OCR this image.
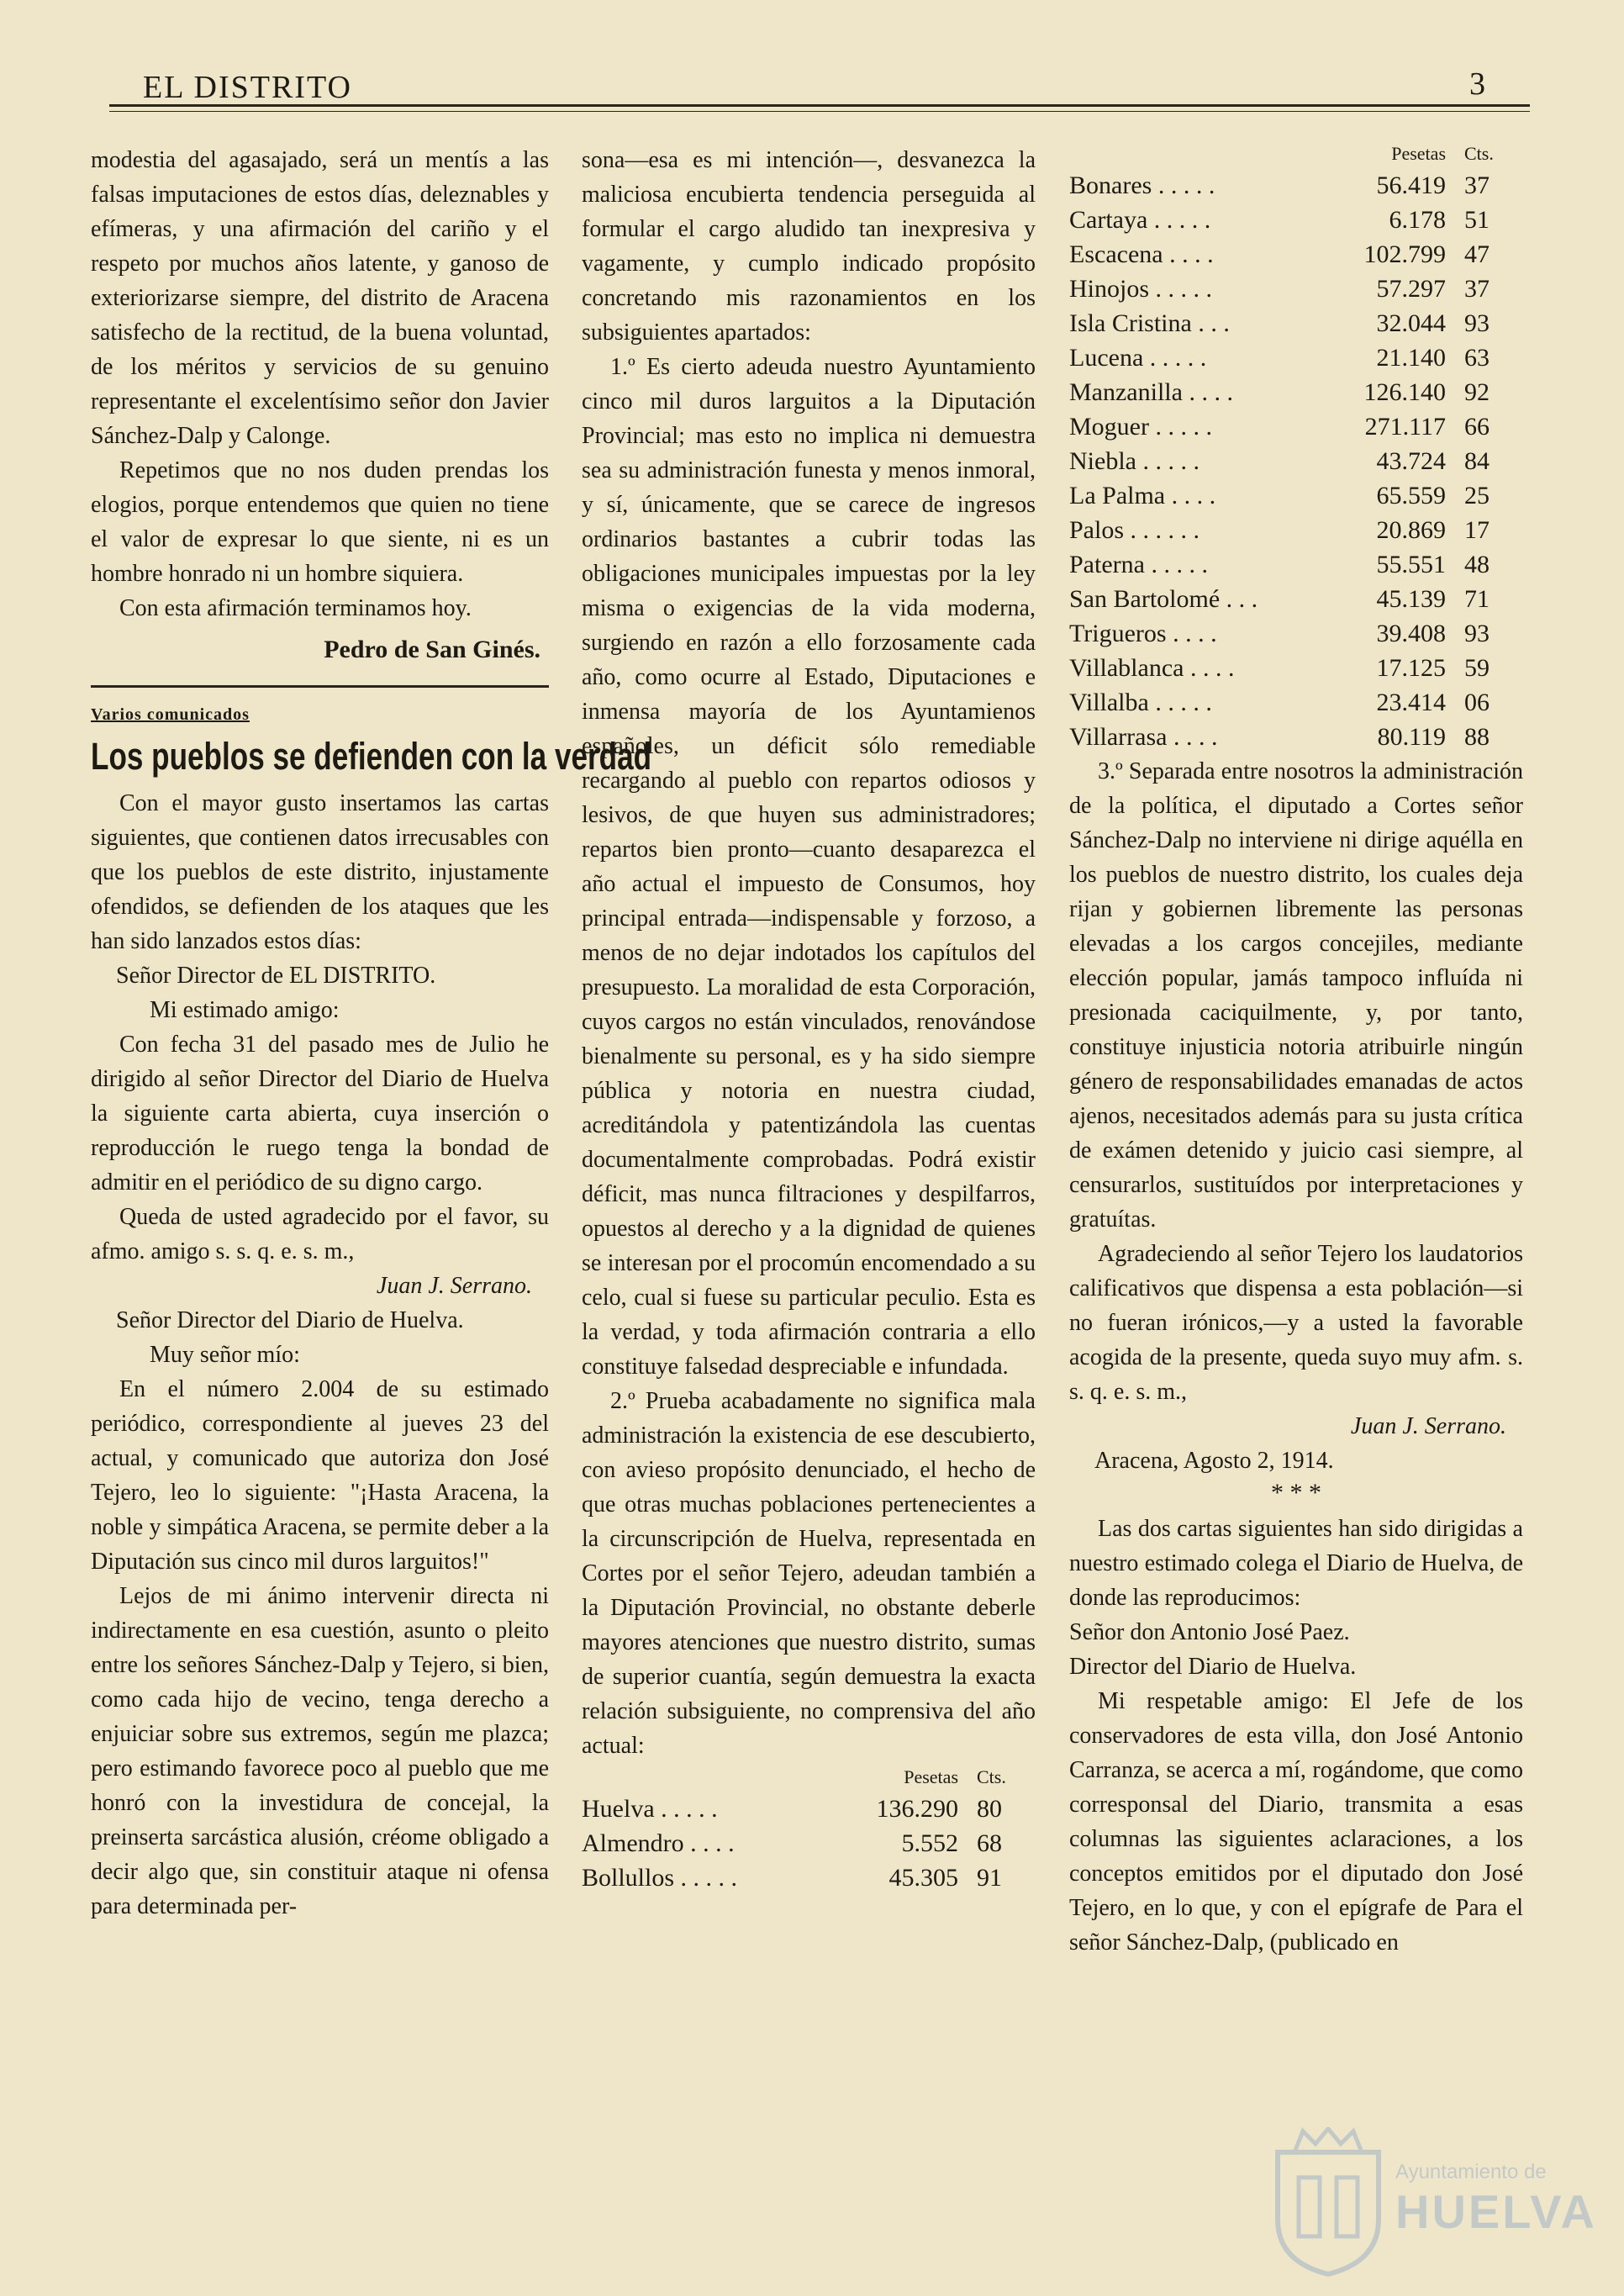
EL DISTRITO	3

modestia del agasajado, será un mentís a las falsas imputaciones de estos días, deleznables y efímeras, y una afirmación del cariño y el respeto por muchos años latente, y ganoso de exteriorizarse siempre, del distrito de Aracena satisfecho de la rectitud, de la buena voluntad, de los méritos y servicios de su genuino representante el excelentísimo señor don Javier Sánchez-Dalp y Calonge.

Repetimos que no nos duden prendas los elogios, porque entendemos que quien no tiene el valor de expresar lo que siente, ni es un hombre honrado ni un hombre siquiera.

Con esta afirmación terminamos hoy.

Pedro de San Ginés.
Varios comunicados
Los pueblos se defienden con la verdad

Con el mayor gusto insertamos las cartas siguientes, que contienen datos irrecusables con que los pueblos de este distrito, injustamente ofendidos, se defienden de los ataques que les han sido lanzados estos días:

Señor Director de EL DISTRITO.

Mi estimado amigo:

Con fecha 31 del pasado mes de Julio he dirigido al señor Director del Diario de Huelva la siguiente carta abierta, cuya inserción o reproducción le ruego tenga la bondad de admitir en el periódico de su digno cargo.

Queda de usted agradecido por el favor, su afmo. amigo s. s. q. e. s. m.,

Juan J. Serrano.

Señor Director del Diario de Huelva.

Muy señor mío:

En el número 2.004 de su estimado periódico, correspondiente al jueves 23 del actual, y comunicado que autoriza don José Tejero, leo lo siguiente: "¡Hasta Aracena, la noble y simpática Aracena, se permite deber a la Diputación sus cinco mil duros larguitos!"

Lejos de mi ánimo intervenir directa ni indirectamente en esa cuestión, asunto o pleito entre los señores Sánchez-Dalp y Tejero, si bien, como cada hijo de vecino, tenga derecho a enjuiciar sobre sus extremos, según me plazca; pero estimando favorece poco al pueblo que me honró con la investidura de concejal, la preinserta sarcástica alusión, créome obligado a decir algo que, sin constituir ataque ni ofensa para determinada per-

sona—esa es mi intención—, desvanezca la maliciosa encubierta tendencia perseguida al formular el cargo aludido tan inexpresiva y vagamente, y cumplo indicado propósito concretando mis razonamientos en los subsiguientes apartados:

1.º Es cierto adeuda nuestro Ayuntamiento cinco mil duros larguitos a la Diputación Provincial; mas esto no implica ni demuestra sea su administración funesta y menos inmoral, y sí, únicamente, que se carece de ingresos ordinarios bastantes a cubrir todas las obligaciones municipales impuestas por la ley misma o exigencias de la vida moderna, surgiendo en razón a ello forzosamente cada año, como ocurre al Estado, Diputaciones e inmensa mayoría de los Ayuntamienos españoles, un déficit sólo remediable recargando al pueblo con repartos odiosos y lesivos, de que huyen sus administradores; repartos bien pronto—cuanto desaparezca el año actual el impuesto de Consumos, hoy principal entrada—indispensable y forzoso, a menos de no dejar indotados los capítulos del presupuesto. La moralidad de esta Corporación, cuyos cargos no están vinculados, renovándose bienalmente su personal, es y ha sido siempre pública y notoria en nuestra ciudad, acreditándola y patentizándola las cuentas documentalmente comprobadas. Podrá existir déficit, mas nunca filtraciones y despilfarros, opuestos al derecho y a la dignidad de quienes se interesan por el procomún encomendado a su celo, cual si fuese su particular peculio. Esta es la verdad, y toda afirmación contraria a ello constituye falsedad despreciable e infundada.

2.º Prueba acabadamente no significa mala administración la existencia de ese descubierto, con avieso propósito denunciado, el hecho de que otras muchas poblaciones pertenecientes a la circunscripción de Huelva, representada en Cortes por el señor Tejero, adeudan también a la Diputación Provincial, no obstante deberle mayores atenciones que nuestro distrito, sumas de superior cuantía, según demuestra la exacta relación subsiguiente, no comprensiva del año actual:

	Pesetas	Cts.
Huelva . . . . .	136.290	80
Almendro . . . .	5.552	68
Bollullos . . . . .	45.305	91
	Pesetas	Cts.
Bonares . . . . .	56.419	37
Cartaya . . . . .	6.178	51
Escacena . . . .	102.799	47
Hinojos . . . . .	57.297	37
Isla Cristina . . .	32.044	93
Lucena . . . . .	21.140	63
Manzanilla . . . .	126.140	92
Moguer . . . . .	271.117	66
Niebla . . . . .	43.724	84
La Palma . . . .	65.559	25
Palos . . . . . .	20.869	17
Paterna . . . . .	55.551	48
San Bartolomé . . .	45.139	71
Trigueros . . . .	39.408	93
Villablanca . . . .	17.125	59
Villalba . . . . .	23.414	06
Villarrasa . . . .	80.119	88

3.º Separada entre nosotros la administración de la política, el diputado a Cortes señor Sánchez-Dalp no interviene ni dirige aquélla en los pueblos de nuestro distrito, los cuales deja rijan y gobiernen libremente las personas elevadas a los cargos concejiles, mediante elección popular, jamás tampoco influída ni presionada caciquilmente, y, por tanto, constituye injusticia notoria atribuirle ningún género de responsabilidades emanadas de actos ajenos, necesitados además para su justa crítica de exámen detenido y juicio casi siempre, al censurarlos, sustituídos por interpretaciones y gratuítas.

Agradeciendo al señor Tejero los laudatorios calificativos que dispensa a esta población—si no fueran irónicos,—y a usted la favorable acogida de la presente, queda suyo muy afm. s. s. q. e. s. m.,

Juan J. Serrano.

Aracena, Agosto 2, 1914.

* * *

Las dos cartas siguientes han sido dirigidas a nuestro estimado colega el Diario de Huelva, de donde las reproducimos:

Señor don Antonio José Paez.

Director del Diario de Huelva.

Mi respetable amigo: El Jefe de los conservadores de esta villa, don José Antonio Carranza, se acerca a mí, rogándome, que como corresponsal del Diario, transmita a esas columnas las siguientes aclaraciones, a los conceptos emitidos por el diputado don José Tejero, en lo que, y con el epígrafe de Para el señor Sánchez-Dalp, (publicado en

Ayuntamiento de
HUELVA
